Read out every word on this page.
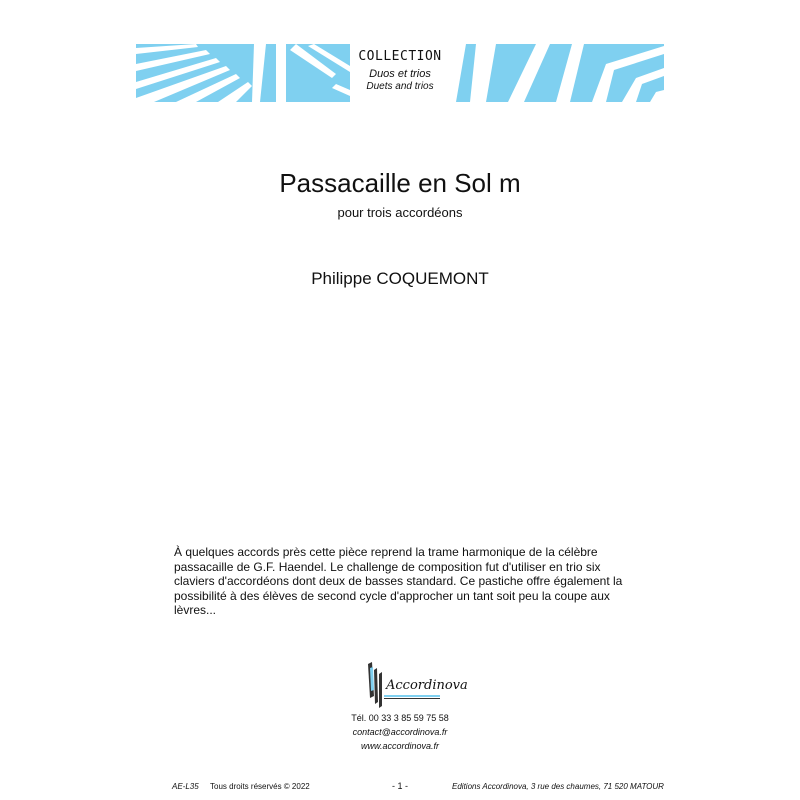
COLLECTION
Duos et trios
Duets and trios
Passacaille en Sol m
pour trois accordéons
Philippe COQUEMONT
À quelques accords près cette pièce reprend la trame harmonique de la célèbre passacaille de G.F. Haendel. Le challenge de composition fut d'utiliser en trio six claviers d'accordéons dont deux de basses standard. Ce pastiche offre également la possibilité à des élèves de second cycle d'approcher un tant soit peu la coupe aux lèvres...
Accordinova
Tél. 00 33 3 85 59 75 58
contact@accordinova.fr
www.accordinova.fr
AE-L35 Tous droits réservés © 2022	- 1 -	Editions Accordinova, 3 rue des chaumes, 71 520 MATOUR
